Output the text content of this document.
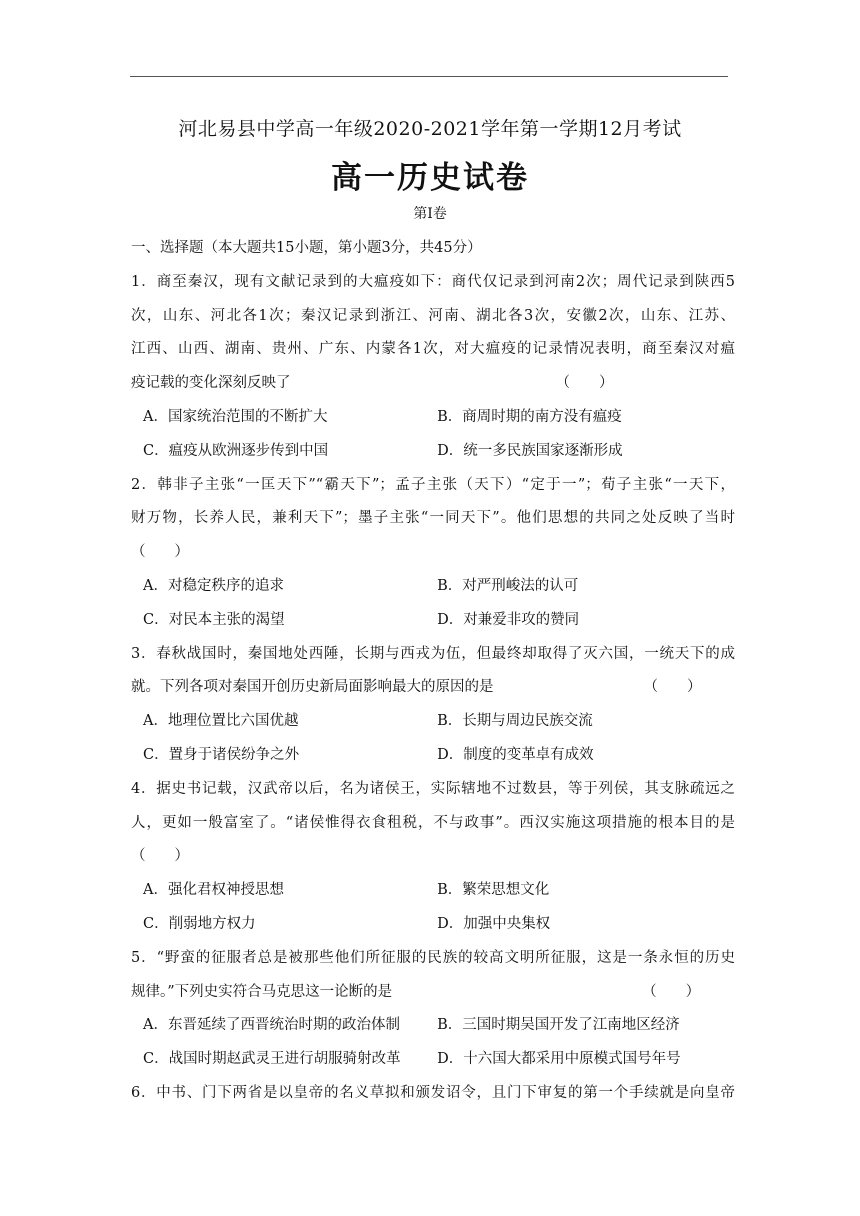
河北易县中学高一年级2020-2021学年第一学期12月考试
高一历史试卷
第I卷
一、选择题（本大题共15小题，第小题3分，共45分）
1．商至秦汉，现有文献记录到的大瘟疫如下：商代仅记录到河南2次；周代记录到陕西5
次，山东、河北各1次；秦汉记录到浙江、河南、湖北各3次，安徽2次，山东、江苏、
江西、山西、湖南、贵州、广东、内蒙各1次，对大瘟疫的记录情况表明，商至秦汉对瘟
疫记载的变化深刻反映了	（　　）
A．国家统治范围的不断扩大	B．商周时期的南方没有瘟疫
C．瘟疫从欧洲逐步传到中国	D．统一多民族国家逐渐形成
2．韩非子主张“一匡天下”“霸天下”；孟子主张（天下）“定于一”；荀子主张“一天下，
财万物，长养人民，兼利天下”；墨子主张“一同天下”。他们思想的共同之处反映了当时
（　　）
A．对稳定秩序的追求	B．对严刑峻法的认可
C．对民本主张的渴望	D．对兼爱非攻的赞同
3．春秋战国时，秦国地处西陲，长期与西戎为伍，但最终却取得了灭六国，一统天下的成
就。下列各项对秦国开创历史新局面影响最大的原因的是	（　　）
A．地理位置比六国优越	B．长期与周边民族交流
C．置身于诸侯纷争之外	D．制度的变革卓有成效
4．据史书记载，汉武帝以后，名为诸侯王，实际辖地不过数县，等于列侯，其支脉疏远之
人，更如一般富室了。“诸侯惟得衣食租税，不与政事”。西汉实施这项措施的根本目的是
（　　）
A．强化君权神授思想	B．繁荣思想文化
C．削弱地方权力	D．加强中央集权
5．“野蛮的征服者总是被那些他们所征服的民族的较高文明所征服，这是一条永恒的历史
规律。”下列史实符合马克思这一论断的是	（　　）
A．东晋延续了西晋统治时期的政治体制	B．三国时期吴国开发了江南地区经济
C．战国时期赵武灵王进行胡服骑射改革	D．十六国大都采用中原模式国号年号
6．中书、门下两省是以皇帝的名义草拟和颁发诏令，且门下审复的第一个手续就是向皇帝
